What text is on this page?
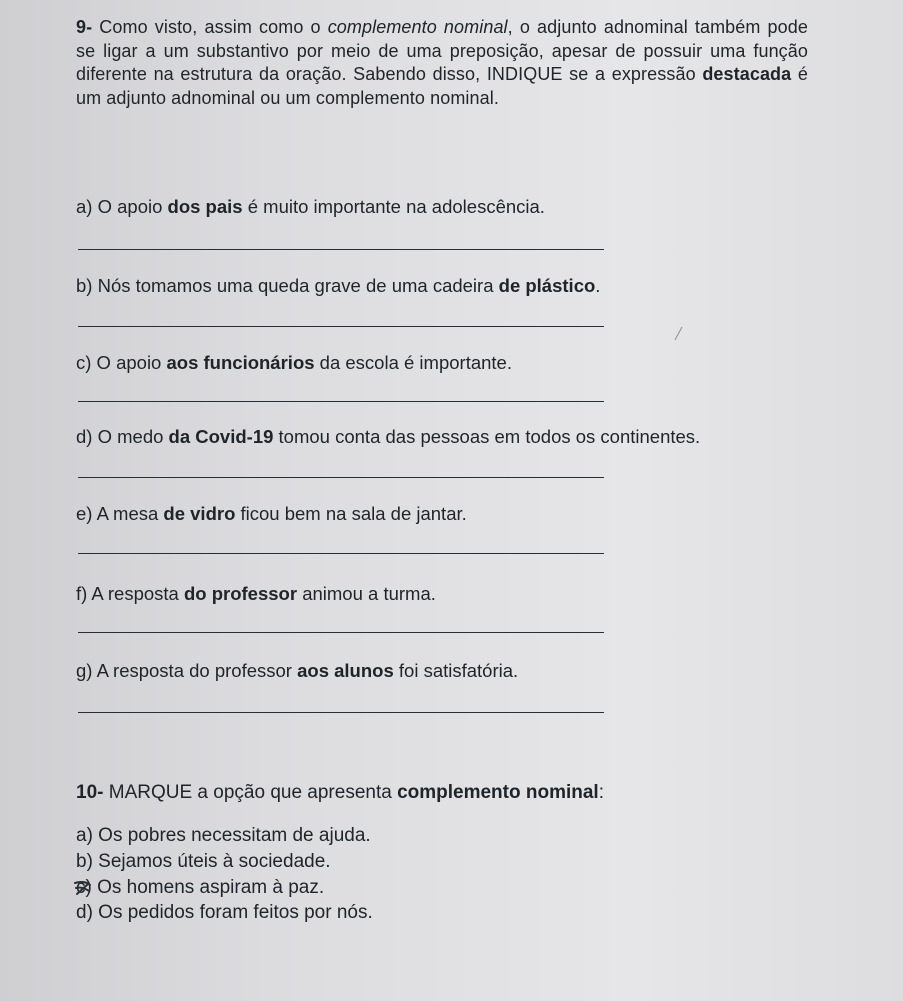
9- Como visto, assim como o complemento nominal, o adjunto adnominal também pode se ligar a um substantivo por meio de uma preposição, apesar de possuir uma função diferente na estrutura da oração. Sabendo disso, INDIQUE se a expressão destacada é um adjunto adnominal ou um complemento nominal.
a) O apoio dos pais é muito importante na adolescência.
b) Nós tomamos uma queda grave de uma cadeira de plástico.
c) O apoio aos funcionários da escola é importante.
d) O medo da Covid-19 tomou conta das pessoas em todos os continentes.
e) A mesa de vidro ficou bem na sala de jantar.
f) A resposta do professor animou a turma.
g) A resposta do professor aos alunos foi satisfatória.
10- MARQUE a opção que apresenta complemento nominal:
a) Os pobres necessitam de ajuda.
b) Sejamos úteis à sociedade.
c)
Os homens aspiram à paz.
d) Os pedidos foram feitos por nós.
